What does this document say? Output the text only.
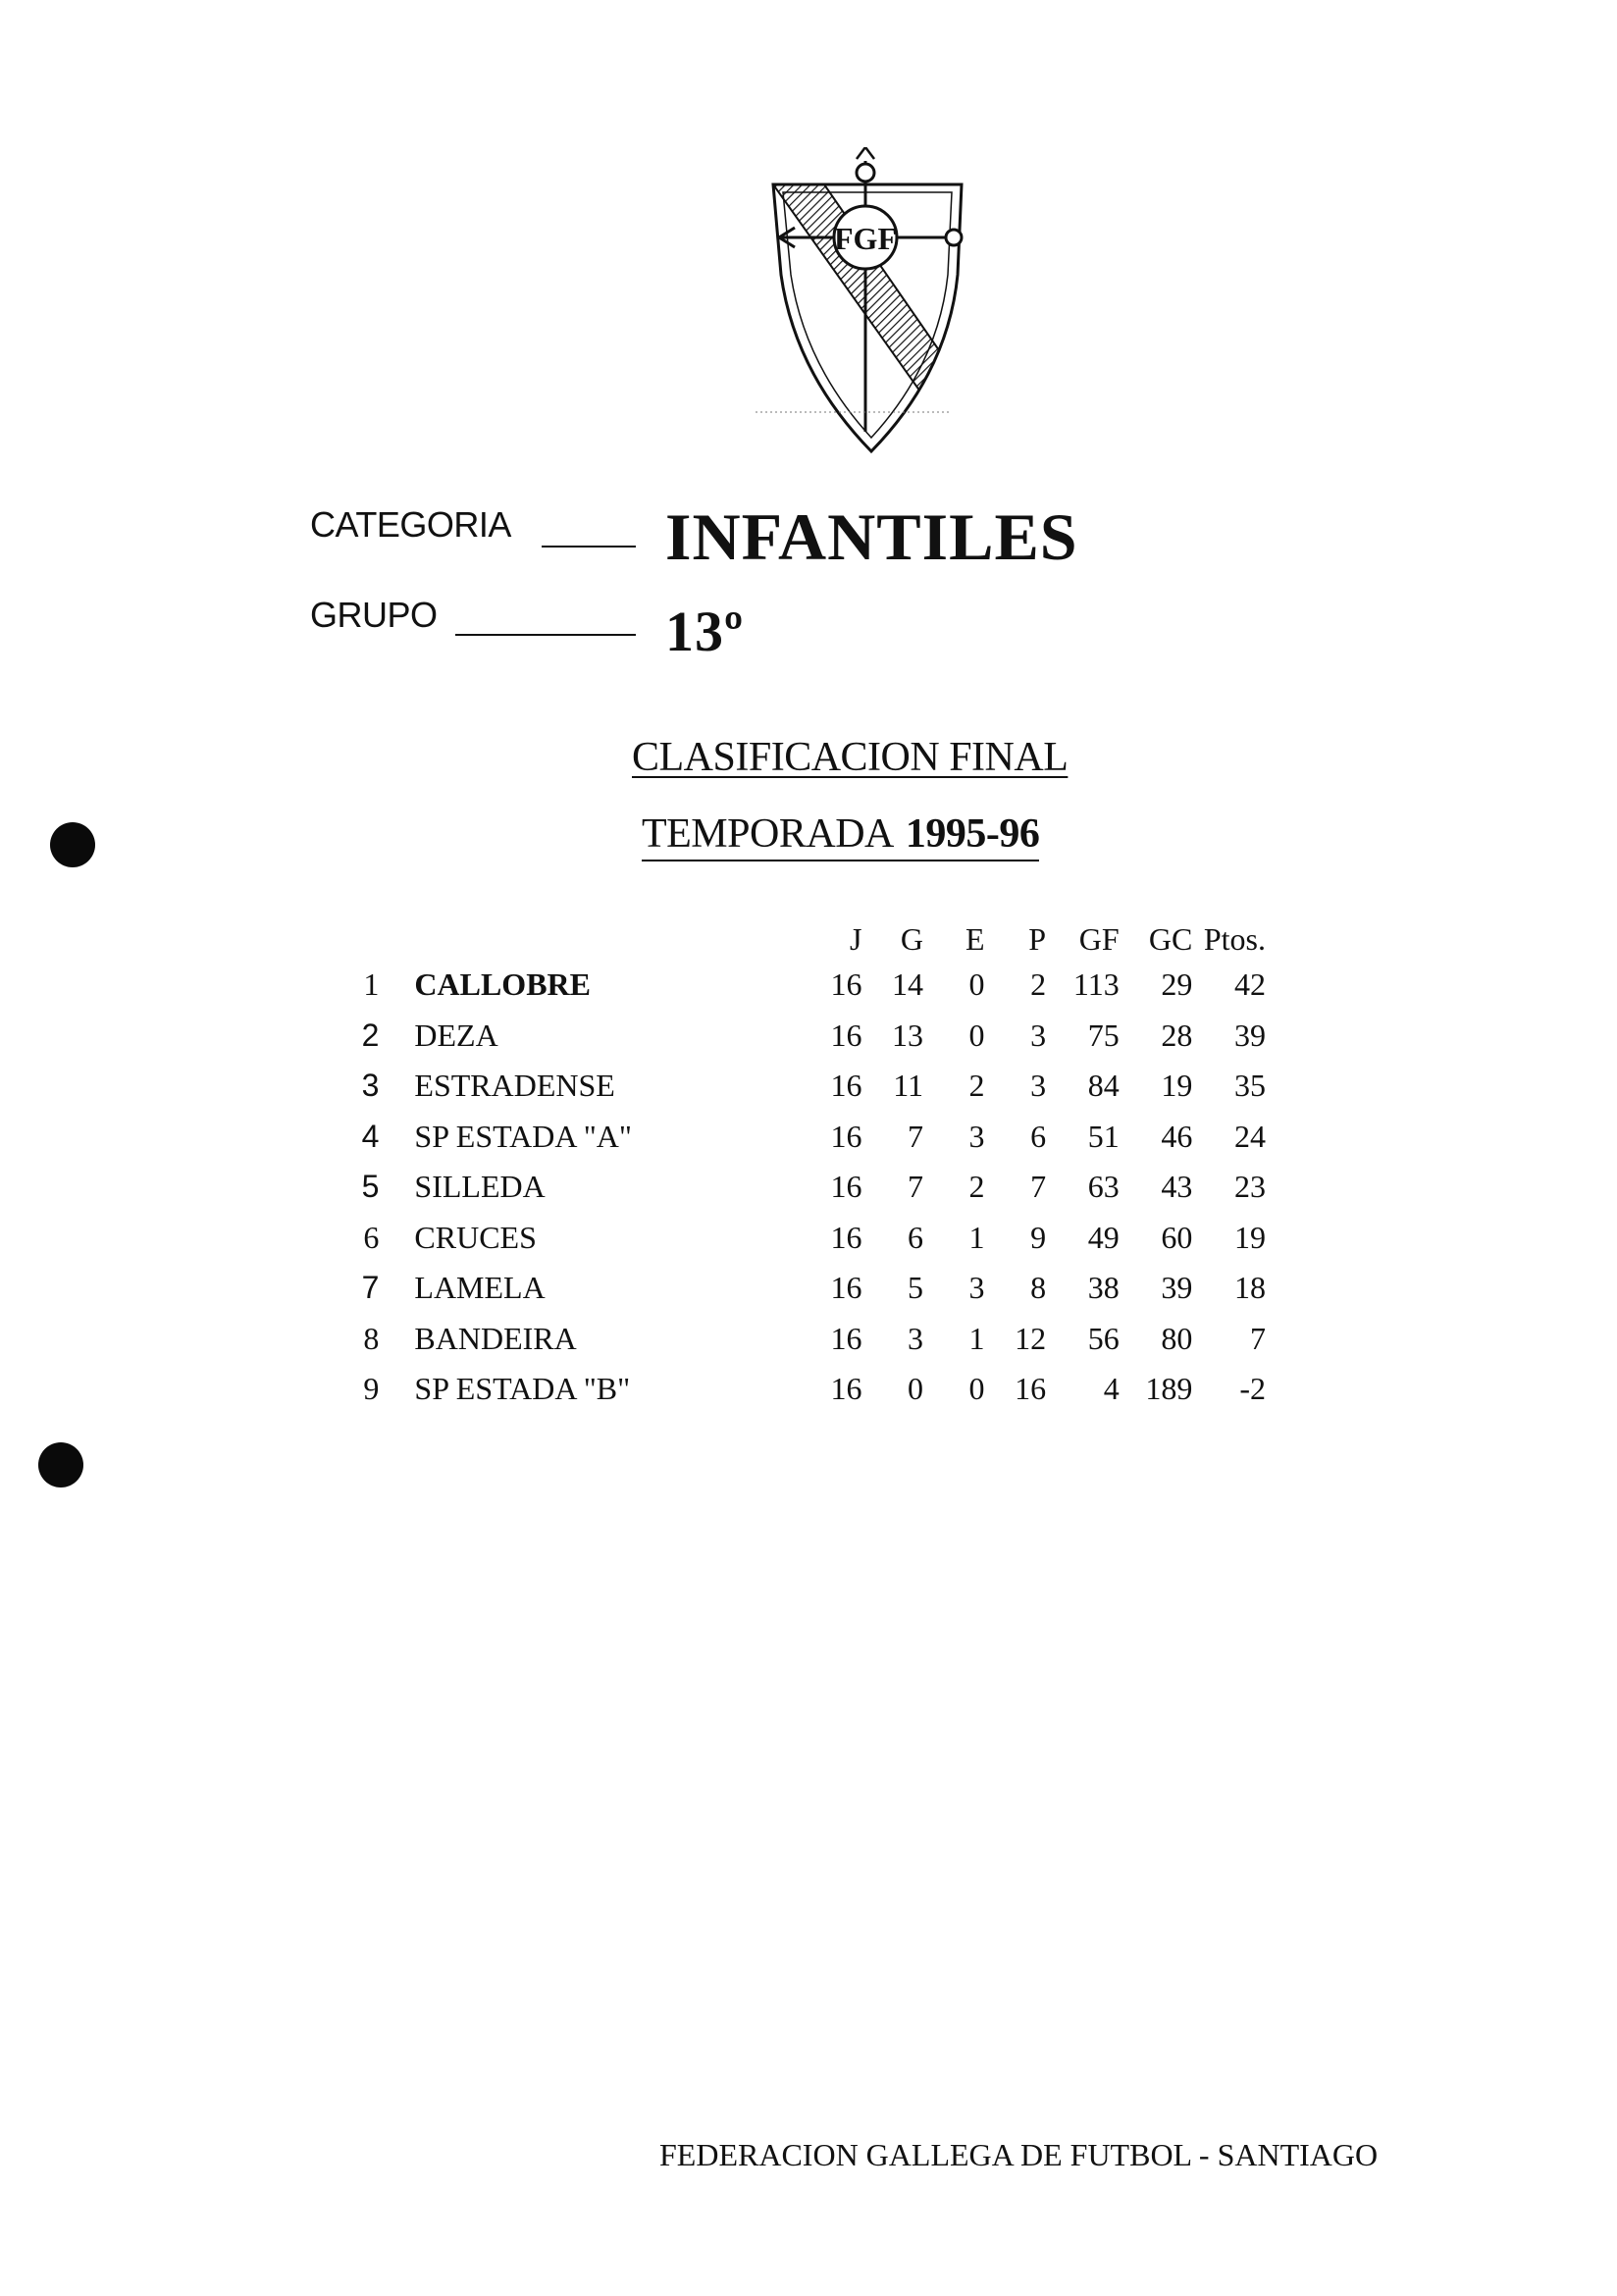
FGF
CATEGORIA INFANTILES
GRUPO	13º
CLASIFICACION FINAL
TEMPORADA 1995-96
		J	G	E	P	GF	GC	Ptos.
1	CALLOBRE	16	14	0	2	113	29	42
2	DEZA	16	13	0	3	75	28	39
3	ESTRADENSE	16	11	2	3	84	19	35
4	SP ESTADA "A"	16	7	3	6	51	46	24
5	SILLEDA	16	7	2	7	63	43	23
6	CRUCES	16	6	1	9	49	60	19
7	LAMELA	16	5	3	8	38	39	18
8	BANDEIRA	16	3	1	12	56	80	7
9	SP ESTADA "B"	16	0	0	16	4	189	-2
FEDERACION GALLEGA DE FUTBOL - SANTIAGO
